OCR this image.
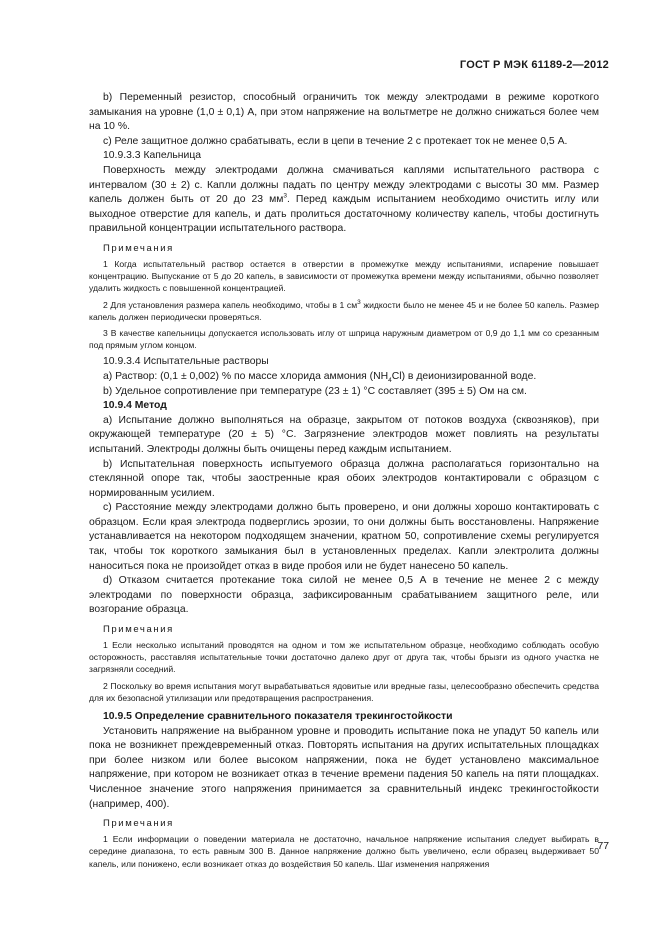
ГОСТ Р МЭК 61189-2—2012

b) Переменный резистор, способный ограничить ток между электродами в режиме короткого замыкания на уровне (1,0 ± 0,1) А, при этом напряжение на вольтметре не должно снижаться более чем на 10 %.

c) Реле защитное должно срабатывать, если в цепи в течение 2 с протекает ток не менее 0,5 А.

10.9.3.3 Капельница

Поверхность между электродами должна смачиваться каплями испытательного раствора с интервалом (30 ± 2) с. Капли должны падать по центру между электродами с высоты 30 мм. Размер капель должен быть от 20 до 23 $мм^3$. Перед каждым испытанием необходимо очистить иглу или выходное отверстие для капель, и дать пролиться достаточному количеству капель, чтобы достигнуть правильной концентрации испытательного раствора.

Примечания

1 Когда испытательный раствор остается в отверстии в промежутке между испытаниями, испарение повышает концентрацию. Выпускание от 5 до 20 капель, в зависимости от промежутка времени между испытаниями, обычно позволяет удалить жидкость с повышенной концентрацией.

2 Для установления размера капель необходимо, чтобы в 1 $см^3$ жидкости было не менее 45 и не более 50 капель. Размер капель должен периодически проверяться.

3 В качестве капельницы допускается использовать иглу от шприца наружным диаметром от 0,9 до 1,1 мм со срезанным под прямым углом концом.

10.9.3.4 Испытательные растворы

a) Раствор: (0,1 ± 0,002) % по массе хлорида аммония $(NH_4Cl)$ в деионизированной воде.

b) Удельное сопротивление при температуре (23 ± 1) °С составляет (395 ± 5) Ом на см.

10.9.4 Метод

a) Испытание должно выполняться на образце, закрытом от потоков воздуха (сквозняков), при окружающей температуре (20 ± 5) °С. Загрязнение электродов может повлиять на результаты испытаний. Электроды должны быть очищены перед каждым испытанием.

b) Испытательная поверхность испытуемого образца должна располагаться горизонтально на стеклянной опоре так, чтобы заостренные края обоих электродов контактировали с образцом с нормированным усилием.

c) Расстояние между электродами должно быть проверено, и они должны хорошо контактировать с образцом. Если края электрода подверглись эрозии, то они должны быть восстановлены. Напряжение устанавливается на некотором подходящем значении, кратном 50, сопротивление схемы регулируется так, чтобы ток короткого замыкания был в установленных пределах. Капли электролита должны наноситься пока не произойдет отказ в виде пробоя или не будет нанесено 50 капель.

d) Отказом считается протекание тока силой не менее 0,5 А в течение не менее 2 с между электродами по поверхности образца, зафиксированным срабатыванием защитного реле, или возгорание образца.

Примечания

1 Если несколько испытаний проводятся на одном и том же испытательном образце, необходимо соблюдать особую осторожность, расставляя испытательные точки достаточно далеко друг от друга так, чтобы брызги из одного участка не загрязняли соседний.

2 Поскольку во время испытания могут вырабатываться ядовитые или вредные газы, целесообразно обеспечить средства для их безопасной утилизации или предотвращения распространения.

10.9.5 Определение сравнительного показателя трекингостойкости

Установить напряжение на выбранном уровне и проводить испытание пока не упадут 50 капель или пока не возникнет преждевременный отказ. Повторять испытания на других испытательных площадках при более низком или более высоком напряжении, пока не будет установлено максимальное напряжение, при котором не возникает отказ в течение времени падения 50 капель на пяти площадках. Численное значение этого напряжения принимается за сравнительный индекс трекингостойкости (например, 400).

Примечания

1 Если информации о поведении материала не достаточно, начальное напряжение испытания следует выбирать в середине диапазона, то есть равным 300 В. Данное напряжение должно быть увеличено, если образец выдерживает 50 капель, или понижено, если возникает отказ до воздействия 50 капель. Шаг изменения напряжения

77
